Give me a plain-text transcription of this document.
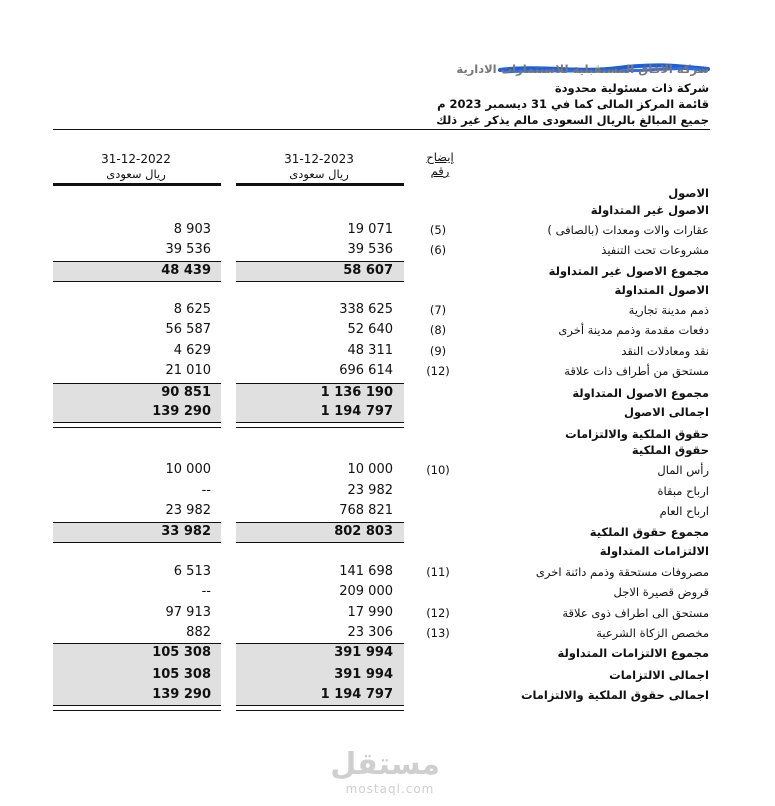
شركة الافاق المستقبلية للاستثمارات الادارية
شركة ذات مسئولية محدودة
قائمة المركز المالى كما في 31 ديسمبر 2023 م
جميع المبالغ بالريال السعودى مالم يذكر غير ذلك
إيضاح
رقم
31-12-2023
31-12-2022
ريال سعودى
ريال سعودى
الاصول
الاصول غير المتداولة
عقارات والات ومعدات (بالصافى )
(5)
19 071
8 903
مشروعات تحت التنفيذ
(6)
39 536
39 536
مجموع الاصول غير المتداولة
58 607
48 439
الاصول المتداولة
ذمم مدينة تجارية
(7)
338 625
8 625
دفعات مقدمة وذمم مدينة أخرى
(8)
52 640
56 587
نقد ومعادلات النقد
(9)
48 311
4 629
مستحق من أطراف ذات علاقة
(12)
696 614
21 010
مجموع الاصول المتداولة
1 136 190
90 851
اجمالى الاصول
1 194 797
139 290
حقوق الملكية والالتزامات
حقوق الملكية
رأس المال
(10)
10 000
10 000
ارباح مبقاة
23 982
--
ارباح العام
768 821
23 982
مجموع حقوق الملكية
802 803
33 982
الالتزامات المتداولة
مصروفات مستحقة وذمم دائنة اخرى
(11)
141 698
6 513
قروض قصيرة الاجل
209 000
--
مستحق الى اطراف ذوى علاقة
(12)
17 990
97 913
مخصص الزكاة الشرعية
(13)
23 306
882
مجموع الالتزامات المتداولة
391 994
105 308
اجمالى الالتزامات
391 994
105 308
اجمالى حقوق الملكية والالتزامات
1 194 797
139 290
مستقل
mostaql.com
